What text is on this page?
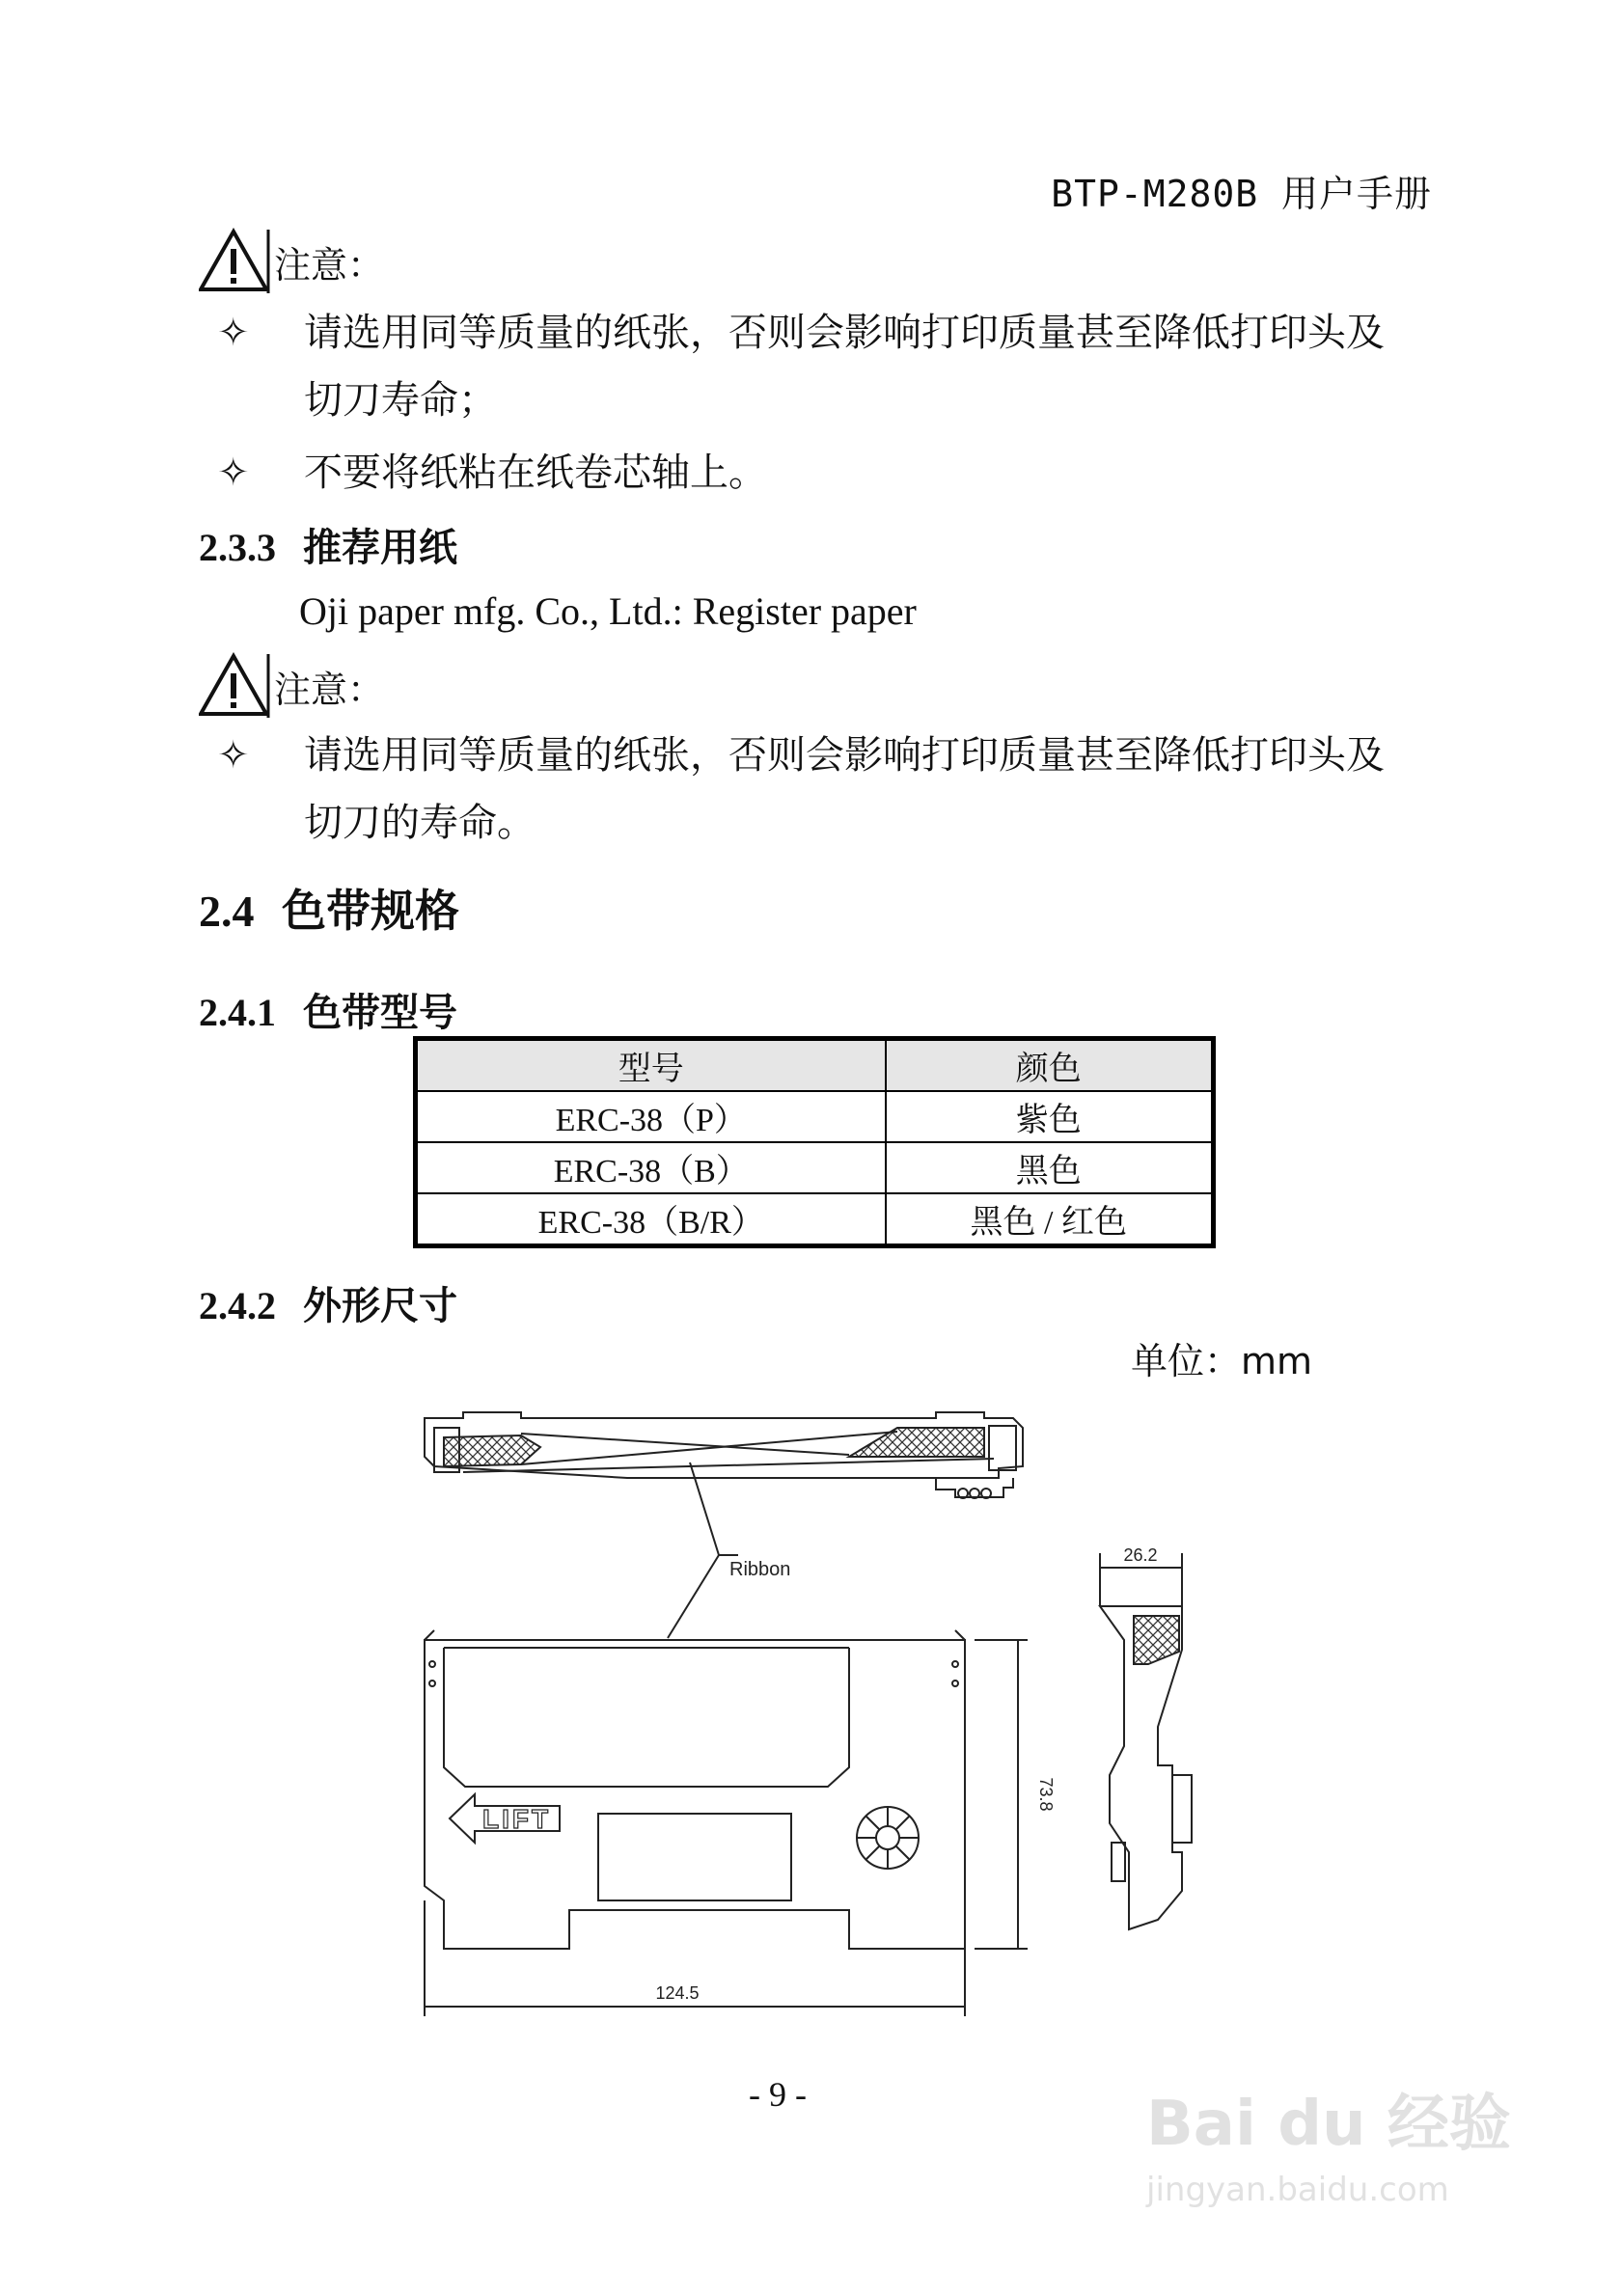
BTP-M280B 用户手册
注意：
✧ 请选用同等质量的纸张，否则会影响打印质量甚至降低打印头及
切刀寿命；
✧ 不要将纸粘在纸卷芯轴上。
2.3.3 推荐用纸
Oji paper mfg. Co., Ltd.: Register paper
注意：
✧ 请选用同等质量的纸张，否则会影响打印质量甚至降低打印头及
切刀的寿命。
2.4 色带规格
2.4.1 色带型号
型号	颜色
ERC-38（P）	紫色
ERC-38（B）	黑色
ERC-38（B/R）	黑色 / 红色
2.4.2 外形尺寸
单位：mm
Ribbon
LIFT
124.5
26.2
73.8
- 9 -	Bai du 经验
jingyan.baidu.com
